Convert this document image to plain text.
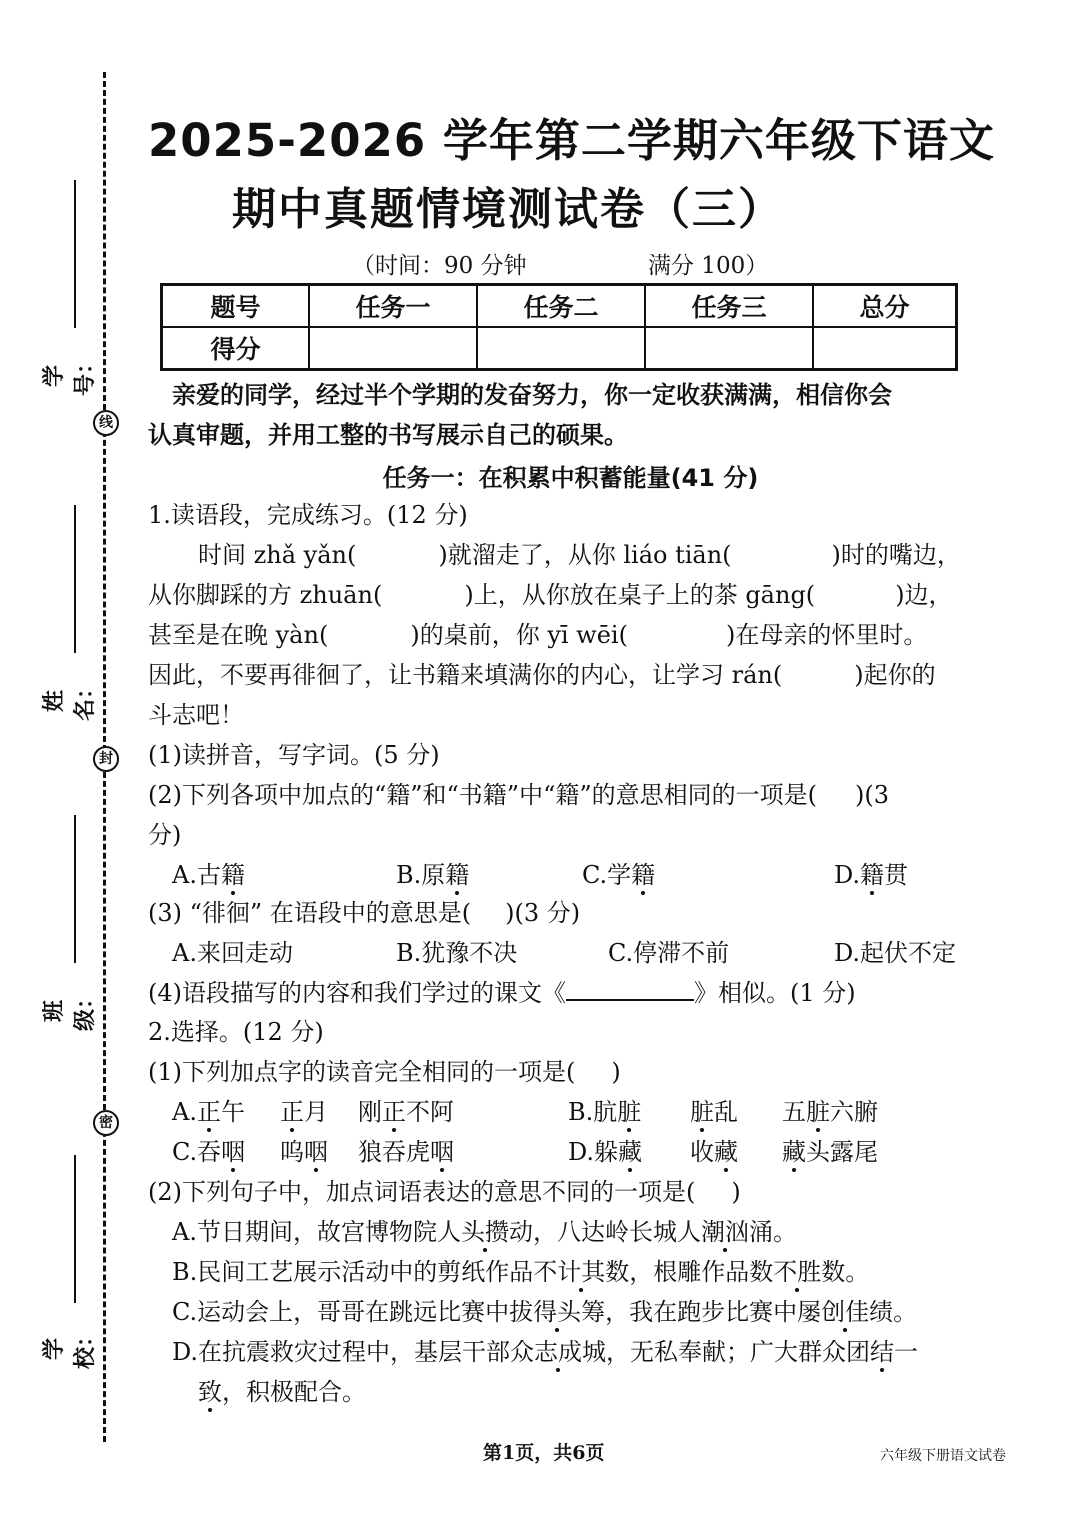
线
封
密
学号：
姓名：
班级：
学校：
2025-2026 学年第二学期六年级下语文
期中真题情境测试卷（三）
（时间：90 分钟	满分 100）
题号	任务一	任务二	任务三	总分
得分				
亲爱的同学，经过半个学期的发奋努力，你一定收获满满，相信你会
认真审题，并用工整的书写展示自己的硕果。
任务一：在积累中积蓄能量(41 分)
1.读语段，完成练习。(12 分)
时间 zhǎ yǎn(	)就溜走了，从你 liáo tiān(	)时的嘴边，
从你脚踩的方 zhuān(	)上，从你放在桌子上的茶 gāng(	)边，
甚至是在晚 yàn(	)的桌前，你 yī wēi(	)在母亲的怀里时。
因此，不要再徘徊了，让书籍来填满你的内心，让学习 rán(	)起你的
斗志吧！
(1)读拼音，写字词。(5 分)
(2)下列各项中加点的“籍”和“书籍”中“籍”的意思相同的一项是( )(3
分)
A.古籍	B.原籍	C.学籍	D.籍贯
(3) “徘徊” 在语段中的意思是( )(3 分)
A.来回走动	B.犹豫不决	C.停滞不前	D.起伏不定
(4)语段描写的内容和我们学过的课文《	》相似。(1 分)
2.选择。(12 分)
(1)下列加点字的读音完全相同的一项是( )
A.正午 正月 刚正不阿	B.肮脏 脏乱 五脏六腑
C.吞咽 呜咽 狼吞虎咽	D.躲藏 收藏 藏头露尾
(2)下列句子中，加点词语表达的意思不同的一项是( )
A.节日期间，故宫博物院人头攒动，八达岭长城人潮汹涌。
B.民间工艺展示活动中的剪纸作品不计其数，根雕作品数不胜数。
C.运动会上，哥哥在跳远比赛中拔得头筹，我在跑步比赛中屡创佳绩。
D.在抗震救灾过程中，基层干部众志成城，无私奉献；广大群众团结一
致，积极配合。
第1页，共6页	六年级下册语文试卷
